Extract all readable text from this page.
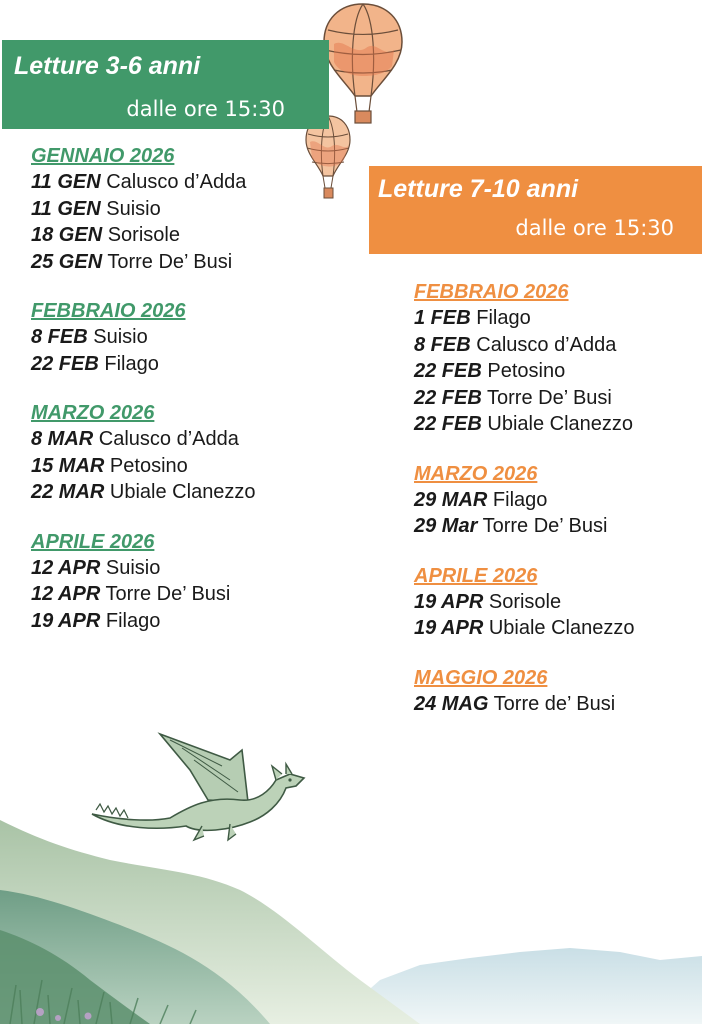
Letture 3-6 anni
dalle ore 15:30
Letture 7-10 anni
dalle ore 15:30
GENNAIO 2026
11 GEN Calusco d’Adda
11 GEN Suisio
18 GEN Sorisole
25 GEN Torre De’ Busi
FEBBRAIO 2026
8 FEB Suisio
22 FEB Filago
MARZO 2026
8 MAR Calusco d’Adda
15 MAR Petosino
22 MAR Ubiale Clanezzo
APRILE 2026
12 APR Suisio
12 APR Torre De’ Busi
19 APR Filago
FEBBRAIO 2026
1 FEB Filago
8 FEB Calusco d’Adda
22 FEB Petosino
22 FEB Torre De’ Busi
22 FEB Ubiale Clanezzo
MARZO 2026
29 MAR Filago
29 Mar Torre De’ Busi
APRILE 2026
19 APR Sorisole
19 APR Ubiale Clanezzo
MAGGIO 2026
24 MAG Torre de’ Busi
